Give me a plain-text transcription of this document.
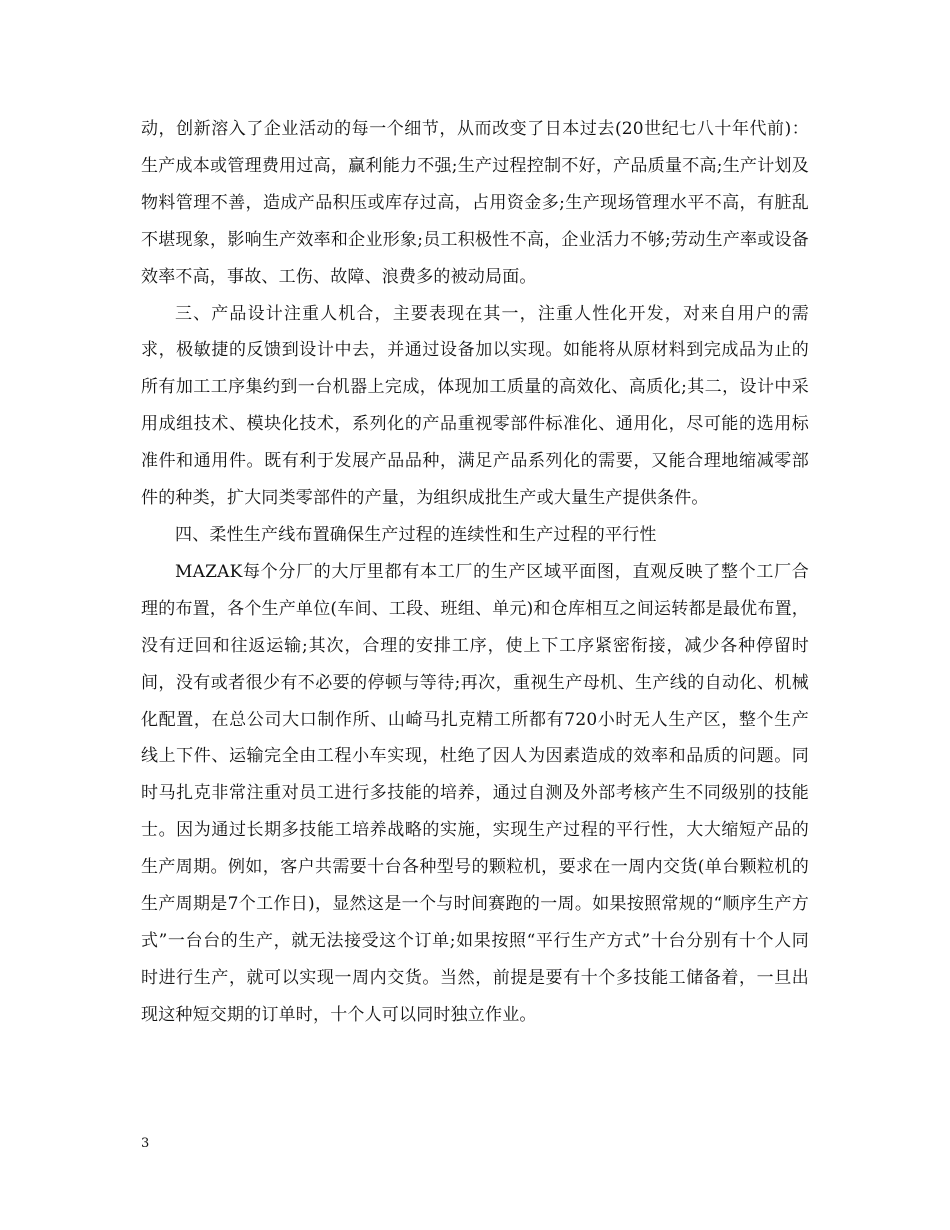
动，创新溶入了企业活动的每一个细节，从而改变了日本过去(20世纪七八十年代前)：生产成本或管理费用过高，赢利能力不强;生产过程控制不好，产品质量不高;生产计划及物料管理不善，造成产品积压或库存过高，占用资金多;生产现场管理水平不高，有脏乱不堪现象，影响生产效率和企业形象;员工积极性不高，企业活力不够;劳动生产率或设备效率不高，事故、工伤、故障、浪费多的被动局面。

三、产品设计注重人机合，主要表现在其一，注重人性化开发，对来自用户的需求，极敏捷的反馈到设计中去，并通过设备加以实现。如能将从原材料到完成品为止的所有加工工序集约到一台机器上完成，体现加工质量的高效化、高质化;其二，设计中采用成组技术、模块化技术，系列化的产品重视零部件标准化、通用化，尽可能的选用标准件和通用件。既有利于发展产品品种，满足产品系列化的需要，又能合理地缩减零部件的种类，扩大同类零部件的产量，为组织成批生产或大量生产提供条件。

四、柔性生产线布置确保生产过程的连续性和生产过程的平行性

MAZAK每个分厂的大厅里都有本工厂的生产区域平面图，直观反映了整个工厂合理的布置，各个生产单位(车间、工段、班组、单元)和仓库相互之间运转都是最优布置，没有迂回和往返运输;其次，合理的安排工序，使上下工序紧密衔接，减少各种停留时间，没有或者很少有不必要的停顿与等待;再次，重视生产母机、生产线的自动化、机械化配置，在总公司大口制作所、山崎马扎克精工所都有720小时无人生产区，整个生产线上下件、运输完全由工程小车实现，杜绝了因人为因素造成的效率和品质的问题。同时马扎克非常注重对员工进行多技能的培养，通过自测及外部考核产生不同级别的技能士。因为通过长期多技能工培养战略的实施，实现生产过程的平行性，大大缩短产品的生产周期。例如，客户共需要十台各种型号的颗粒机，要求在一周内交货(单台颗粒机的生产周期是7个工作日)，显然这是一个与时间赛跑的一周。如果按照常规的“顺序生产方式”一台台的生产，就无法接受这个订单;如果按照“平行生产方式”十台分别有十个人同时进行生产，就可以实现一周内交货。当然，前提是要有十个多技能工储备着，一旦出现这种短交期的订单时，十个人可以同时独立作业。

3
